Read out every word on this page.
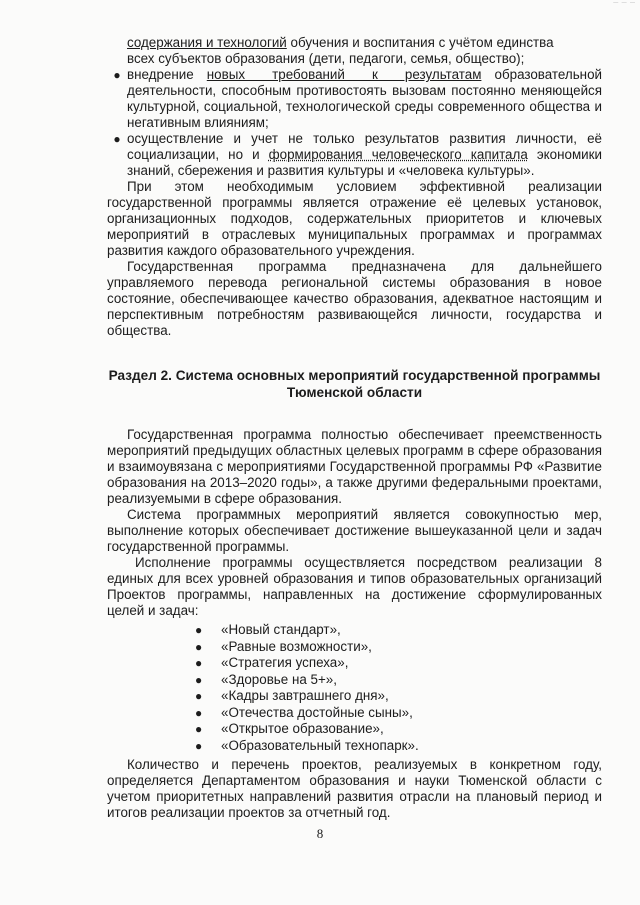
— — —
содержания и технологий обучения и воспитания с учётом единства
всех субъектов образования (дети, педагоги, семья, общество);
● внедрение новых требований к результатам образовательной деятельности, способным противостоять вызовам постоянно меняющейся культурной, социальной, технологической среды современного общества и негативным влияниям;
● осуществление и учет не только результатов развития личности, её социализации, но и формирования человеческого капитала экономики знаний, сбережения и развития культуры и «человека культуры».
При этом необходимым условием эффективной реализации государственной программы является отражение её целевых установок, организационных подходов, содержательных приоритетов и ключевых мероприятий в отраслевых муниципальных программах и программах развития каждого образовательного учреждения.
Государственная программа предназначена для дальнейшего управляемого перевода региональной системы образования в новое состояние, обеспечивающее качество образования, адекватное настоящим и перспективным потребностям развивающейся личности, государства и общества.
Раздел 2. Система основных мероприятий государственной программы Тюменской области
Государственная программа полностью обеспечивает преемственность мероприятий предыдущих областных целевых программ в сфере образования и взаимоувязана с мероприятиями Государственной программы РФ «Развитие образования на 2013–2020 годы», а также другими федеральными проектами, реализуемыми в сфере образования.
Система программных мероприятий является совокупностью мер, выполнение которых обеспечивает достижение вышеуказанной цели и задач государственной программы.
Исполнение программы осуществляется посредством реализации 8 единых для всех уровней образования и типов образовательных организаций Проектов программы, направленных на достижение сформулированных целей и задач:
●	«Новый стандарт»,
●	«Равные возможности»,
●	«Стратегия успеха»,
●	«Здоровье на 5+»,
●	«Кадры завтрашнего дня»,
●	«Отечества достойные сыны»,
●	«Открытое образование»,
●	«Образовательный технопарк».
Количество и перечень проектов, реализуемых в конкретном году, определяется Департаментом образования и науки Тюменской области с учетом приоритетных направлений развития отрасли на плановый период и итогов реализации проектов за отчетный год.
8
